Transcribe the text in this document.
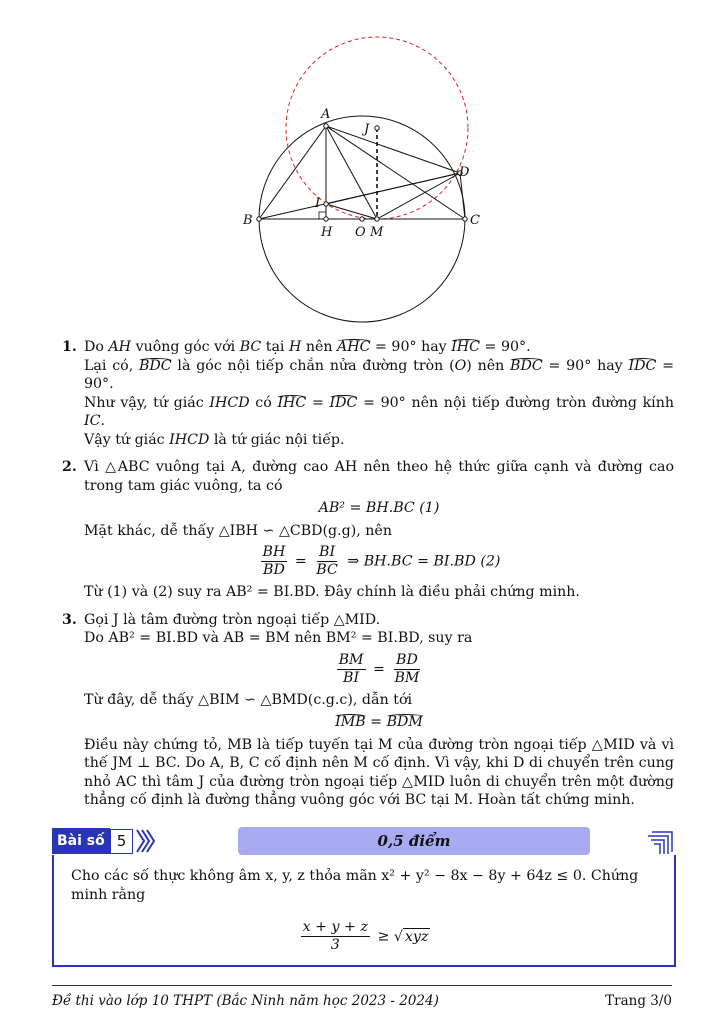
A
B	C
D
H
I
J
O M
1. Do AH vuông góc với BC tại H nên AHC = 90° hay IHC = 90°.

Lại có, BDC là góc nội tiếp chắn nửa đường tròn (O) nên BDC = 90° hay IDC = 90°.

Như vậy, tứ giác IHCD có IHC = IDC = 90° nên nội tiếp đường tròn đường kính IC.

Vậy tứ giác IHCD là tứ giác nội tiếp.

2. Vì △ABC vuông tại A, đường cao AH nên theo hệ thức giữa cạnh và đường cao trong tam giác vuông, ta có

AB² = BH.BC (1)

Mặt khác, dễ thấy △IBH ∽ △CBD(g.g), nên

$\frac{BH}{BD} = \frac{BI}{BC}$ ⇒ BH.BC = BI.BD (2)

Từ (1) và (2) suy ra AB² = BI.BD. Đây chính là điều phải chứng minh.

3. Gọi J là tâm đường tròn ngoại tiếp △MID.

Do AB² = BI.BD và AB = BM nên BM² = BI.BD, suy ra

$\frac{BM}{BI} = \frac{BD}{BM}$

Từ đây, dễ thấy △BIM ∽ △BMD(c.g.c), dẫn tới

IMB = BDM

Điều này chứng tỏ, MB là tiếp tuyến tại M của đường tròn ngoại tiếp △MID và vì thế JM ⊥ BC. Do A, B, C cố định nên M cố định. Vì vậy, khi D di chuyển trên cung nhỏ AC thì tâm J của đường tròn ngoại tiếp △MID luôn di chuyển trên một đường thẳng cố định là đường thẳng vuông góc với BC tại M. Hoàn tất chứng minh.

Bài số 5	0,5 điểm
Cho các số thực không âm x, y, z thỏa mãn x² + y² − 8x − 8y + 64z ≤ 0. Chứng minh rằng
$\frac{x + y + z}{3}$ ≥ √ xyz
Đề thi vào lớp 10 THPT (Bắc Ninh năm học 2023 - 2024)	Trang 3/0
